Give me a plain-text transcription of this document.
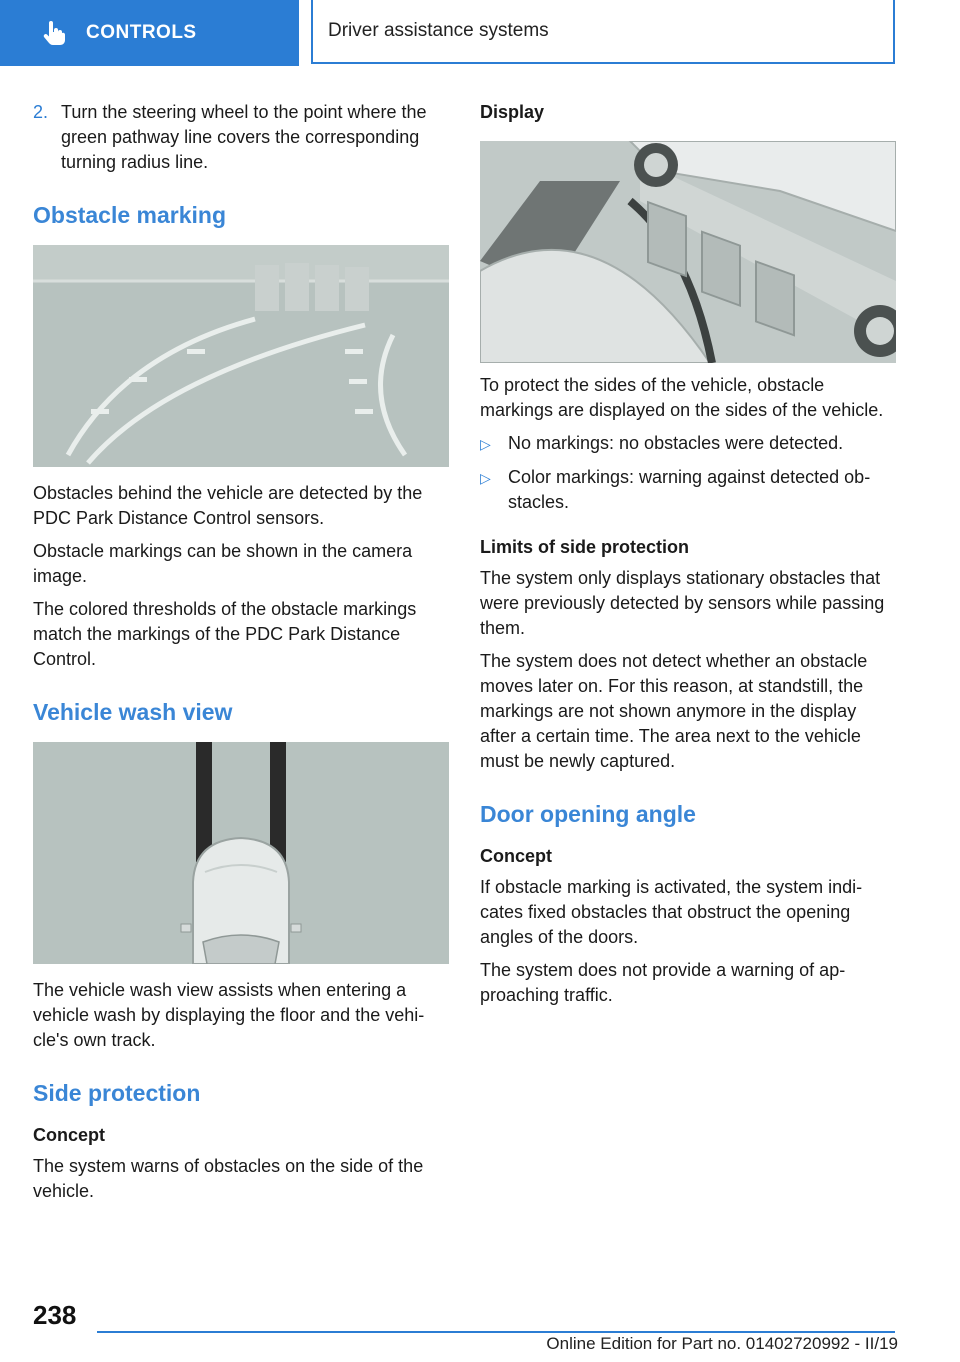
CONTROLS	Driver assistance systems
2. Turn the steering wheel to the point where the green pathway line covers the corresponding turning radius line.
Obstacle marking

Obstacles behind the vehicle are detected by the PDC Park Distance Control sensors.

Obstacle markings can be shown in the camera image.

The colored thresholds of the obstacle markings match the markings of the PDC Park Distance Control.

Vehicle wash view

The vehicle wash view assists when entering a vehicle wash by displaying the floor and the vehicle's own track.

Side protection
Concept

The system warns of obstacles on the side of the vehicle.

Display

To protect the sides of the vehicle, obstacle markings are displayed on the sides of the vehicle.

▷ No markings: no obstacles were detected.
▷ Color markings: warning against detected obstacles.
Limits of side protection

The system only displays stationary obstacles that were previously detected by sensors while passing them.

The system does not detect whether an obstacle moves later on. For this reason, at standstill, the markings are not shown anymore in the display after a certain time. The area next to the vehicle must be newly captured.

Door opening angle
Concept

If obstacle marking is activated, the system indicates fixed obstacles that obstruct the opening angles of the doors.

The system does not provide a warning of approaching traffic.

238
Online Edition for Part no. 01402720992 - II/19
